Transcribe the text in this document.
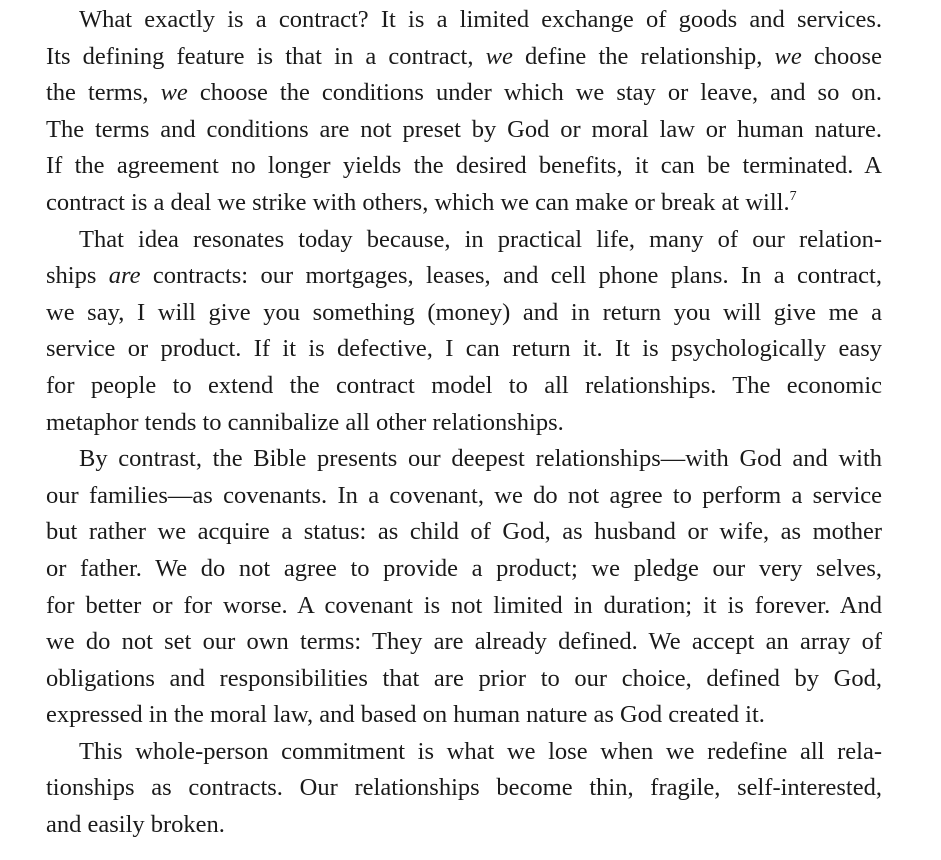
What exactly is a contract? It is a limited exchange of goods and services.
Its defining feature is that in a contract, we define the relationship, we choose
the terms, we choose the conditions under which we stay or leave, and so on.
The terms and conditions are not preset by God or moral law or human nature.
If the agreement no longer yields the desired benefits, it can be terminated. A
contract is a deal we strike with others, which we can make or break at will.$^7$
That idea resonates today because, in practical life, many of our relation-
ships are contracts: our mortgages, leases, and cell phone plans. In a contract,
we say, I will give you something (money) and in return you will give me a
service or product. If it is defective, I can return it. It is psychologically easy
for people to extend the contract model to all relationships. The economic
metaphor tends to cannibalize all other relationships.
By contrast, the Bible presents our deepest relationships—with God and with
our families—as covenants. In a covenant, we do not agree to perform a service
but rather we acquire a status: as child of God, as husband or wife, as mother
or father. We do not agree to provide a product; we pledge our very selves,
for better or for worse. A covenant is not limited in duration; it is forever. And
we do not set our own terms: They are already defined. We accept an array of
obligations and responsibilities that are prior to our choice, defined by God,
expressed in the moral law, and based on human nature as God created it.
This whole-person commitment is what we lose when we redefine all rela-
tionships as contracts. Our relationships become thin, fragile, self-interested,
and easily broken.
